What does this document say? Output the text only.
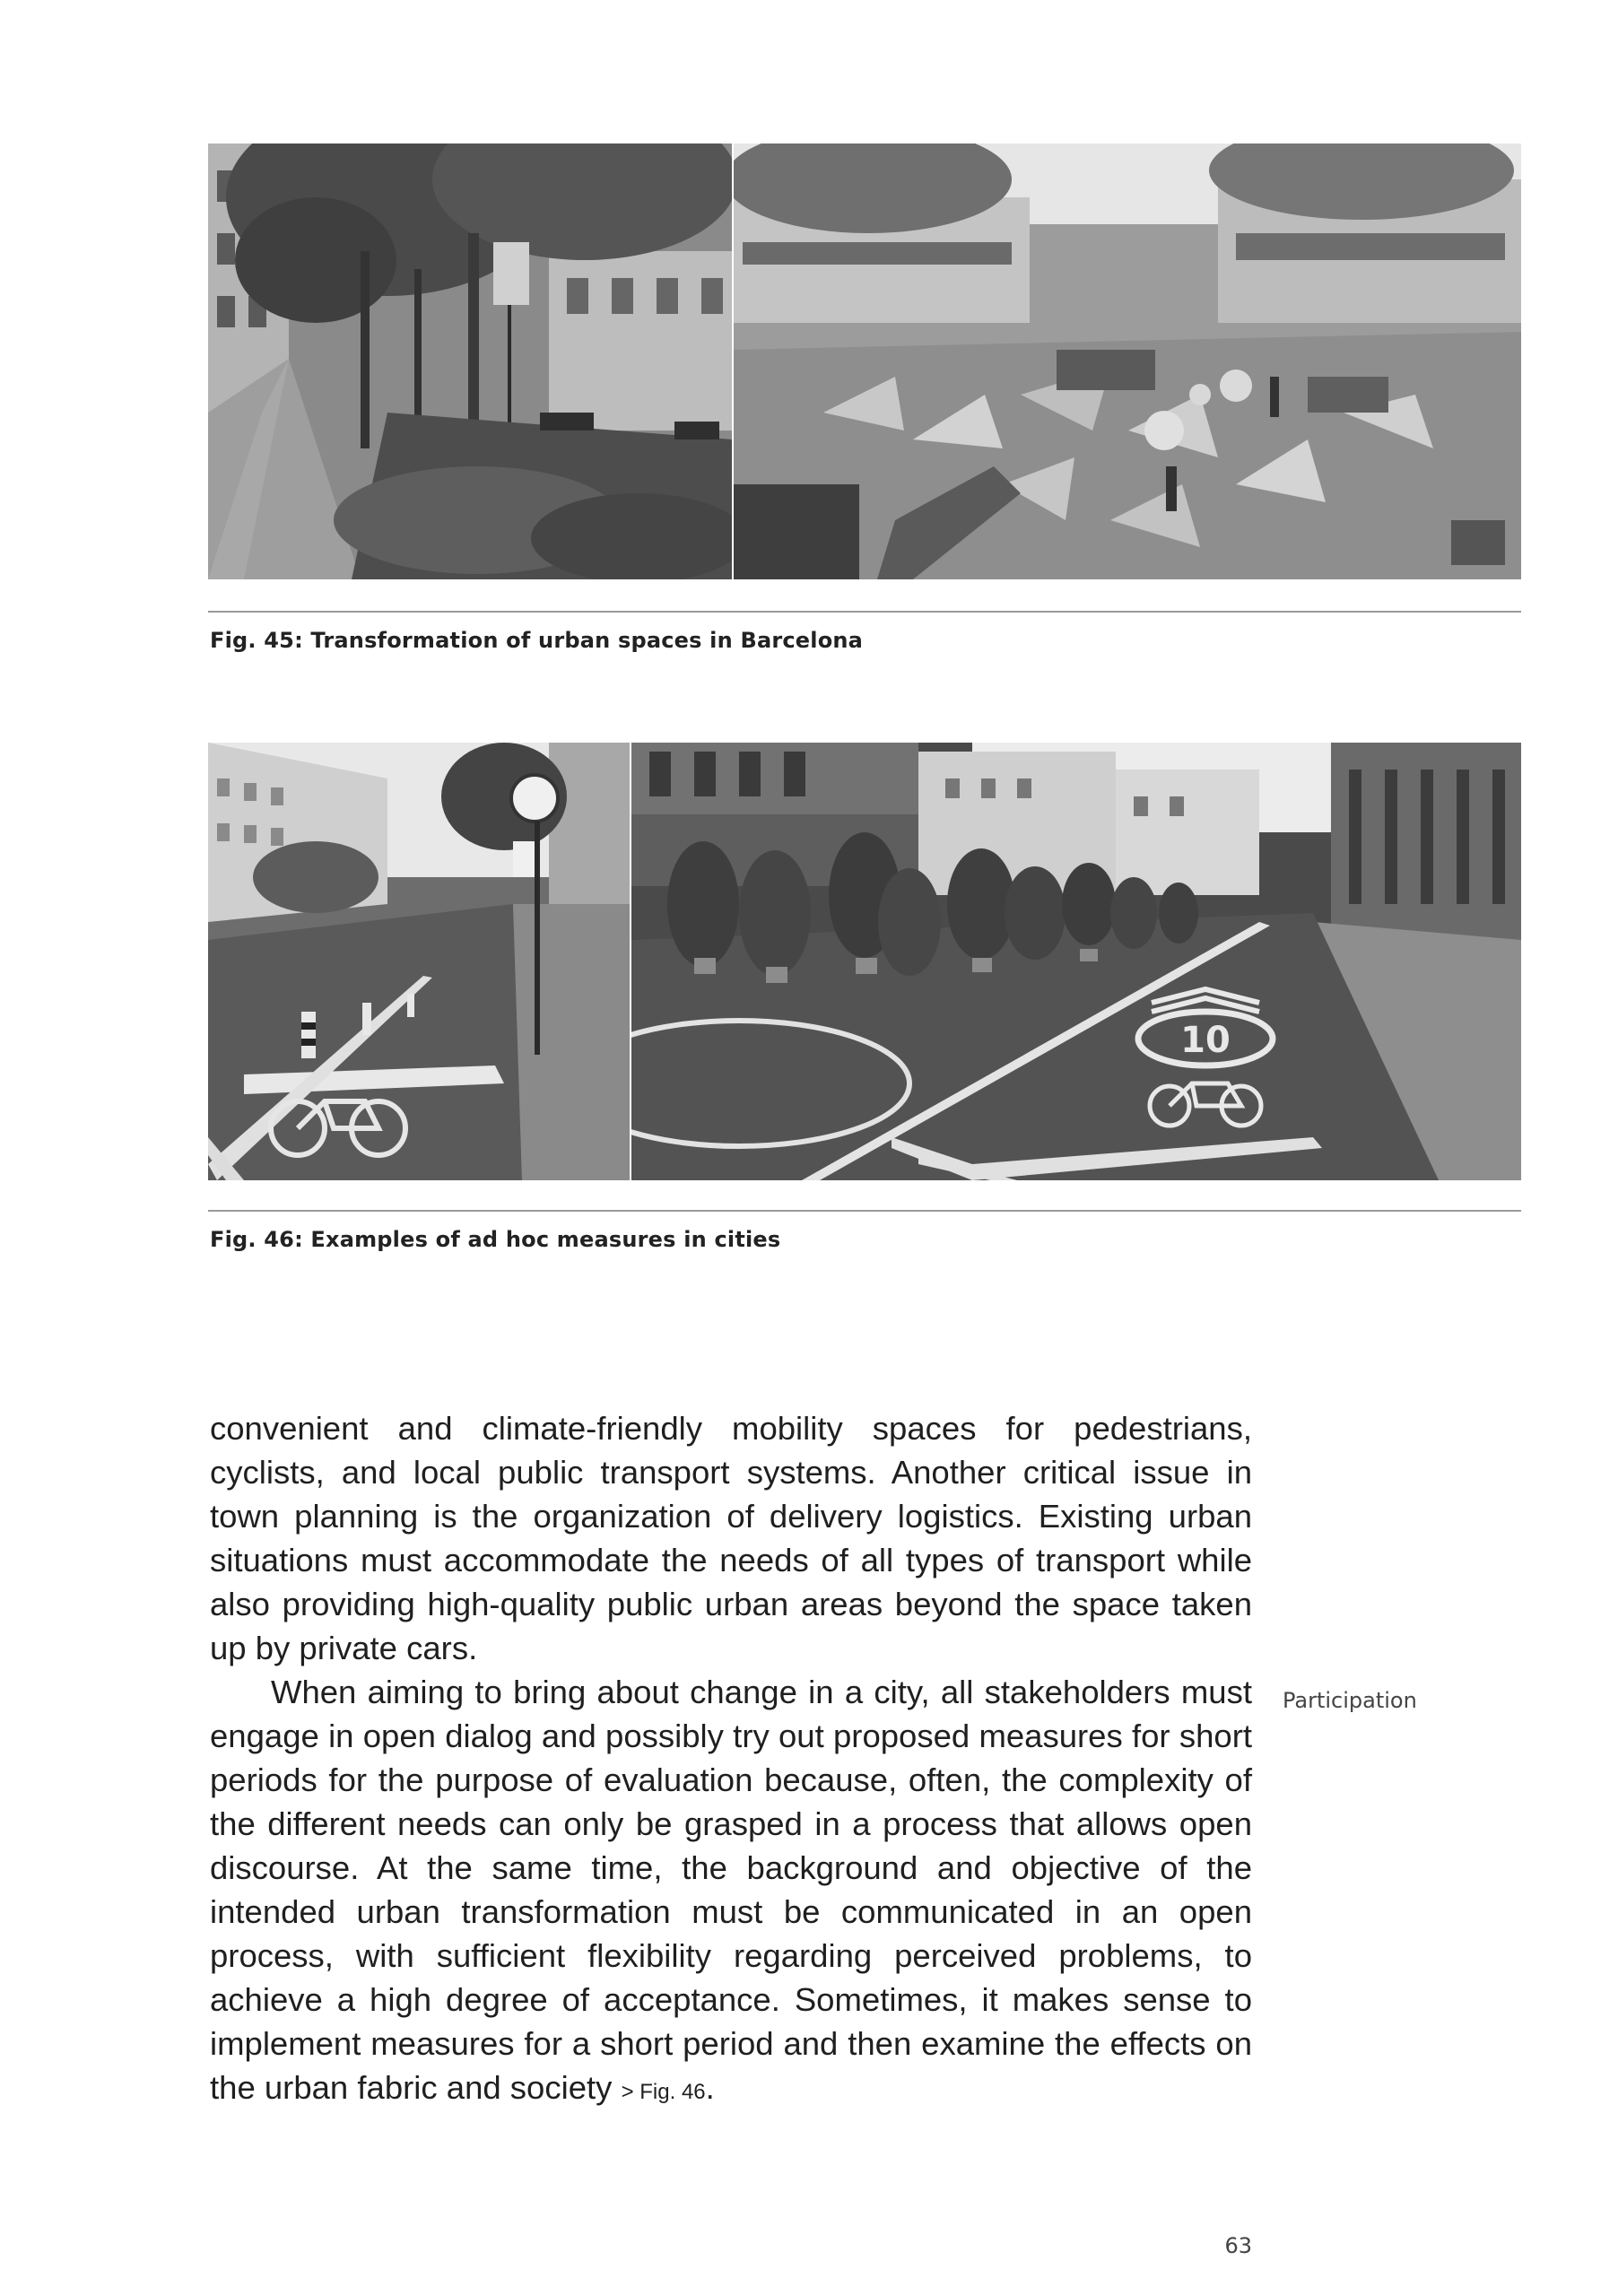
Fig. 45: Transformation of urban spaces in Barcelona
10
Fig. 46: Examples of ad hoc measures in cities

convenient and climate-friendly mobility spaces for pedestrians, cyclists, and local public transport systems. Another critical issue in town planning is the organization of delivery logistics. Existing urban situations must accommodate the needs of all types of transport while also providing high-quality public urban areas beyond the space taken up by private cars.

When aiming to bring about change in a city, all stakeholders must engage in open dialog and possibly try out proposed measures for short periods for the purpose of evaluation because, often, the complexity of the different needs can only be grasped in a process that allows open discourse. At the same time, the background and objective of the intended urban transformation must be communicated in an open process, with sufficient flexibility regarding perceived problems, to achieve a high degree of acceptance. Sometimes, it makes sense to implement measures for a short period and then examine the effects on the urban fabric and society > Fig. 46.

Participation
63
